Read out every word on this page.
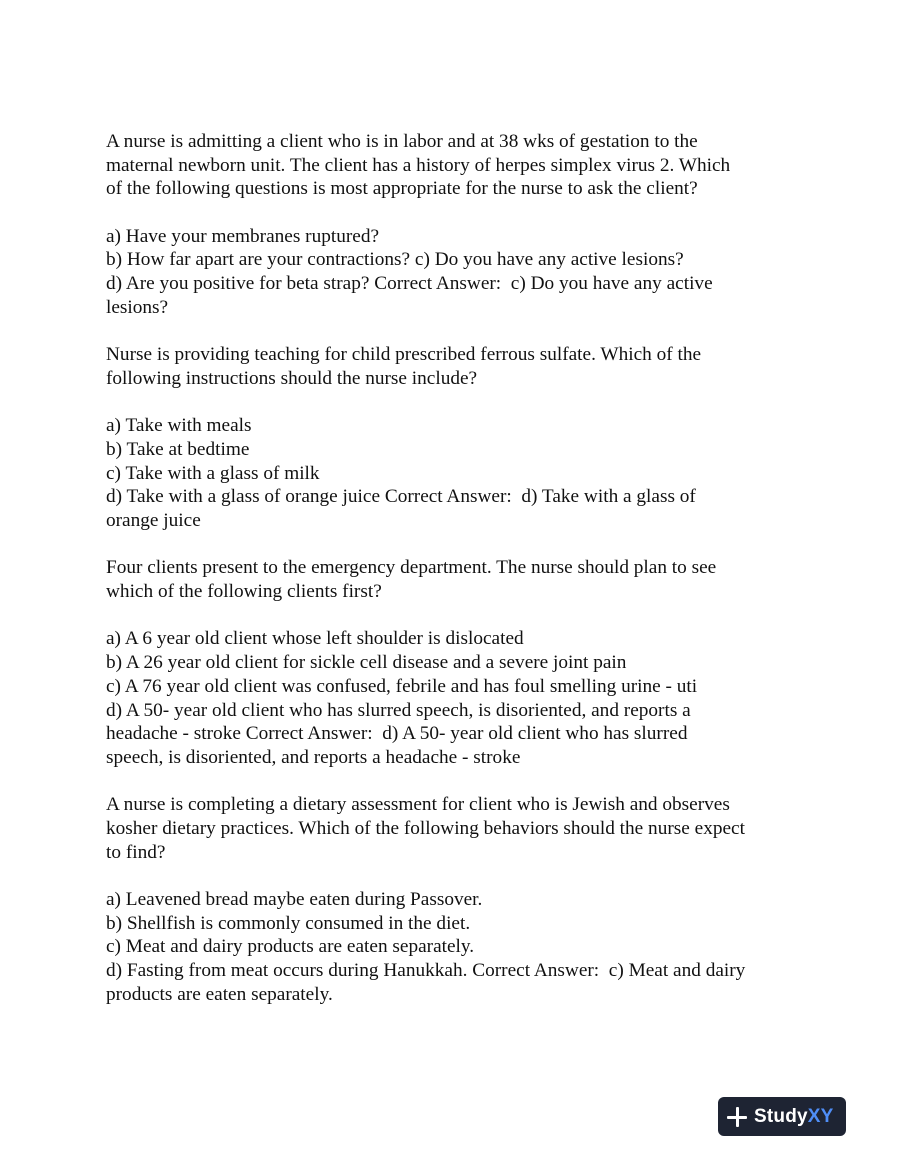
A nurse is admitting a client who is in labor and at 38 wks of gestation to the
maternal newborn unit. The client has a history of herpes simplex virus 2. Which
of the following questions is most appropriate for the nurse to ask the client?
a) Have your membranes ruptured?
b) How far apart are your contractions? c) Do you have any active lesions?
d) Are you positive for beta strap? Correct Answer:  c) Do you have any active
lesions?
Nurse is providing teaching for child prescribed ferrous sulfate. Which of the
following instructions should the nurse include?
a) Take with meals
b) Take at bedtime
c) Take with a glass of milk
d) Take with a glass of orange juice Correct Answer:  d) Take with a glass of
orange juice
Four clients present to the emergency department. The nurse should plan to see
which of the following clients first?
a) A 6 year old client whose left shoulder is dislocated
b) A 26 year old client for sickle cell disease and a severe joint pain
c) A 76 year old client was confused, febrile and has foul smelling urine - uti
d) A 50- year old client who has slurred speech, is disoriented, and reports a
headache - stroke Correct Answer:  d) A 50- year old client who has slurred
speech, is disoriented, and reports a headache - stroke
A nurse is completing a dietary assessment for client who is Jewish and observes
kosher dietary practices. Which of the following behaviors should the nurse expect
to find?
a) Leavened bread maybe eaten during Passover.
b) Shellfish is commonly consumed in the diet.
c) Meat and dairy products are eaten separately.
d) Fasting from meat occurs during Hanukkah. Correct Answer:  c) Meat and dairy
products are eaten separately.
StudyXY
